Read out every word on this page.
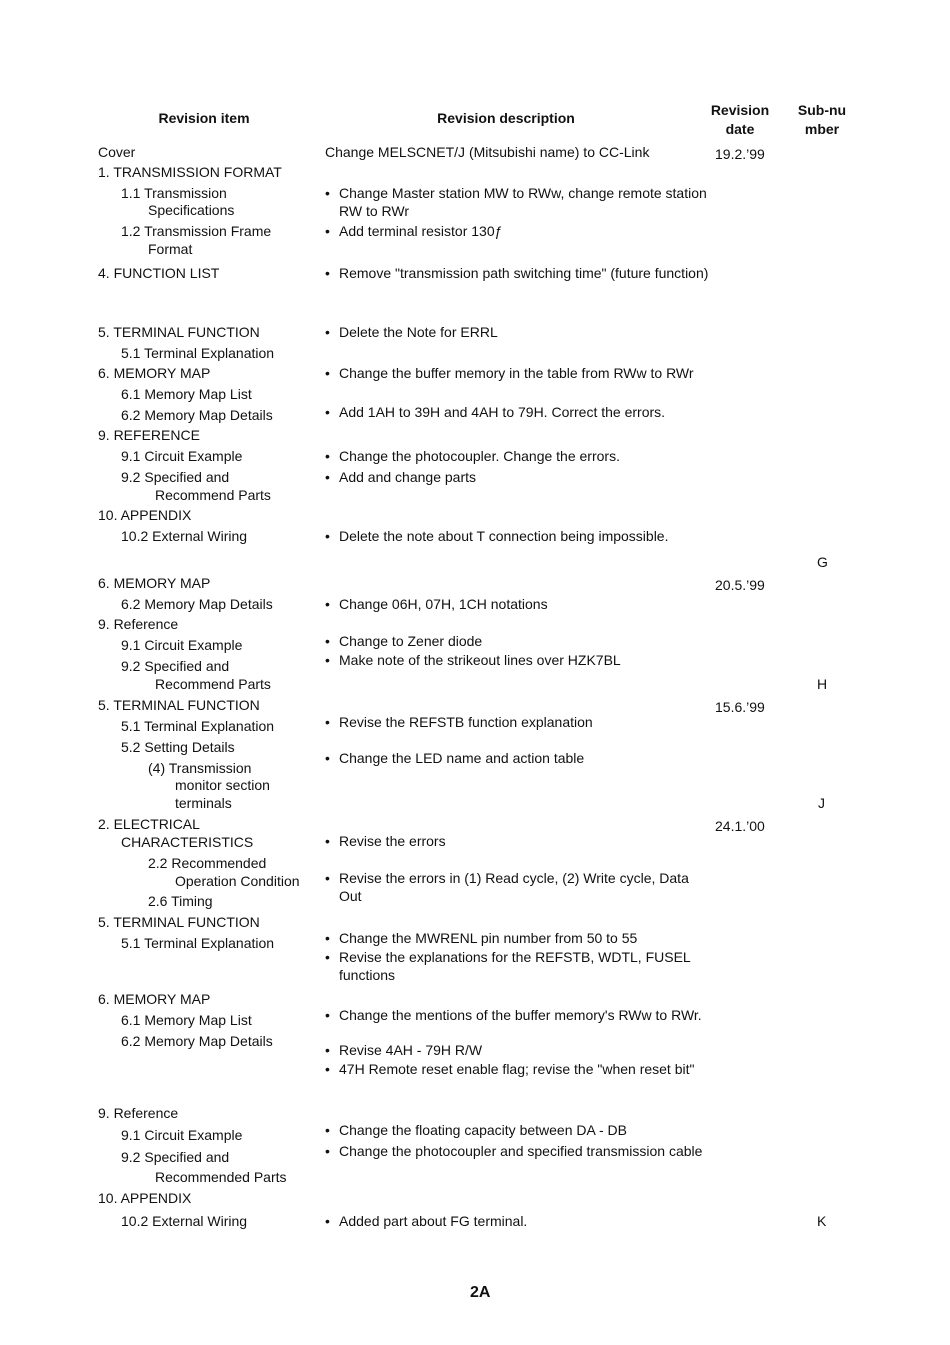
Revision item	Revision description	Revision
date
Sub-nu
mber
Cover
1. TRANSMISSION FORMAT
1.1 Transmission
Specifications
1.2 Transmission Frame
Format
4. FUNCTION LIST
5. TERMINAL FUNCTION
5.1 Terminal Explanation
6. MEMORY MAP
6.1 Memory Map List
6.2 Memory Map Details
9. REFERENCE
9.1 Circuit Example
9.2 Specified and
Recommend Parts
10. APPENDIX
10.2 External Wiring
6. MEMORY MAP
6.2 Memory Map Details
9. Reference
9.1 Circuit Example
9.2 Specified and
Recommend Parts
5. TERMINAL FUNCTION
5.1 Terminal Explanation
5.2 Setting Details
(4) Transmission
monitor section
terminals
2. ELECTRICAL
CHARACTERISTICS
2.2 Recommended
Operation Condition
2.6 Timing
5. TERMINAL FUNCTION
5.1 Terminal Explanation
6. MEMORY MAP
6.1 Memory Map List
6.2 Memory Map Details
9. Reference
9.1 Circuit Example
9.2 Specified and
Recommended Parts
10. APPENDIX
10.2 External Wiring
Change MELSCNET/J (Mitsubishi name) to CC-Link
• Change Master station MW to RWw, change remote station RW to RWr
• Add terminal resistor 130ƒ
• Remove "transmission path switching time" (future function)
• Delete the Note for ERRL
• Change the buffer memory in the table from RWw to RWr
• Add 1AH to 39H and 4AH to 79H. Correct the errors.
• Change the photocoupler. Change the errors.
• Add and change parts
• Delete the note about T connection being impossible.
• Change 06H, 07H, 1CH notations
• Change to Zener diode
• Make note of the strikeout lines over HZK7BL
• Revise the REFSTB function explanation
• Change the LED name and action table
• Revise the errors
• Revise the errors in (1) Read cycle, (2) Write cycle, Data Out
• Change the MWRENL pin number from 50 to 55
• Revise the explanations for the REFSTB, WDTL, FUSEL functions
• Change the mentions of the buffer memory's RWw to RWr.
• Revise 4AH - 79H R/W
• 47H Remote reset enable flag; revise the "when reset bit"
• Change the floating capacity between DA - DB
• Change the photocoupler and specified transmission cable
• Added part about FG terminal.
19.2.’99
20.5.’99
15.6.’99
24.1.’00
G
H
J
K
2A
